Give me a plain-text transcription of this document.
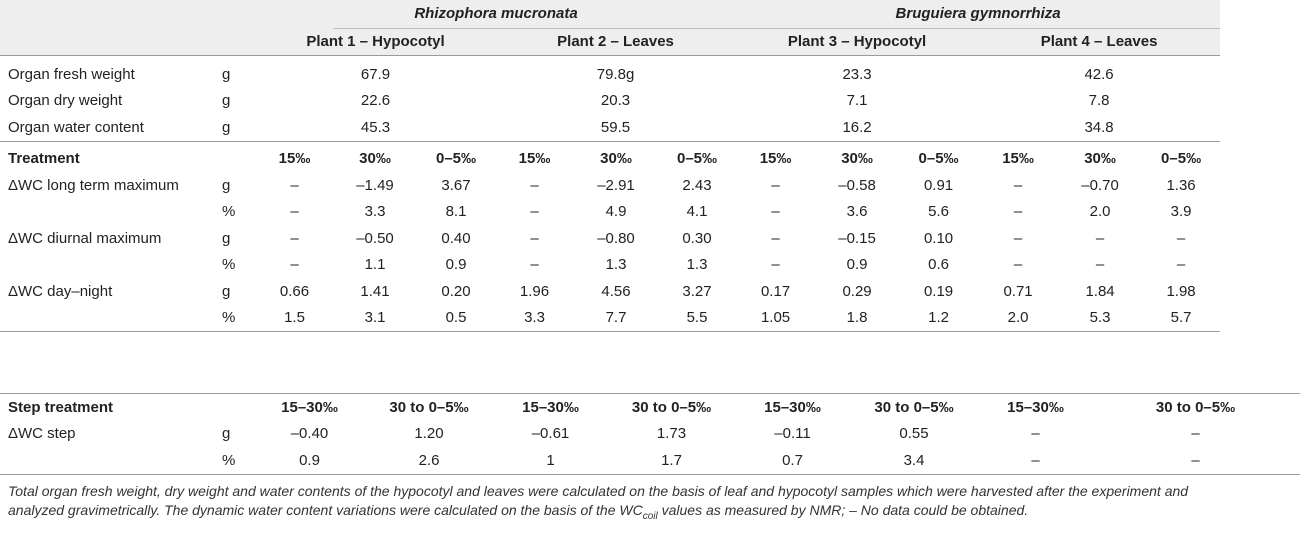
		Rhizophora mucronata						Bruguiera gymnorrhiza					

		Plant 1 – Hypocotyl			Plant 2 – Leaves			Plant 3 – Hypocotyl			Plant 4 – Leaves		

Organ fresh weight	g	67.9			79.8g			23.3			42.6		
Organ dry weight	g	22.6			20.3			7.1			7.8		
Organ water content	g	45.3			59.5			16.2			34.8		

Treatment		15‰	30‰	0–5‰	15‰	30‰	0–5‰	15‰	30‰	0–5‰	15‰	30‰	0–5‰
ΔWC long term maximum	g	–	–1.49	3.67	–	–2.91	2.43	–	–0.58	0.91	–	–0.70	1.36
	%	–	3.3	8.1	–	4.9	4.1	–	3.6	5.6	–	2.0	3.9
ΔWC diurnal maximum	g	–	–0.50	0.40	–	–0.80	0.30	–	–0.15	0.10	–	–	–
	%	–	1.1	0.9	–	1.3	1.3	–	0.9	0.6	–	–	–
ΔWC day–night	g	0.66	1.41	0.20	1.96	4.56	3.27	0.17	0.29	0.19	0.71	1.84	1.98
	%	1.5	3.1	0.5	3.3	7.7	5.5	1.05	1.8	1.2	2.0	5.3	5.7
Step treatment		15–30‰	30 to 0–5‰	15–30‰	30 to 0–5‰	15–30‰	30 to 0–5‰	15–30‰	30 to 0–5‰
ΔWC step	g	–0.40	1.20	–0.61	1.73	–0.11	0.55	–	–
	%	0.9	2.6	1	1.7	0.7	3.4	–	–
Total organ fresh weight, dry weight and water contents of the hypocotyl and leaves were calculated on the basis of leaf and hypocotyl samples which were harvested after the experiment and analyzed gravimetrically. The dynamic water content variations were calculated on the basis of the $WC_{coil}$ values as measured by NMR; – No data could be obtained.
